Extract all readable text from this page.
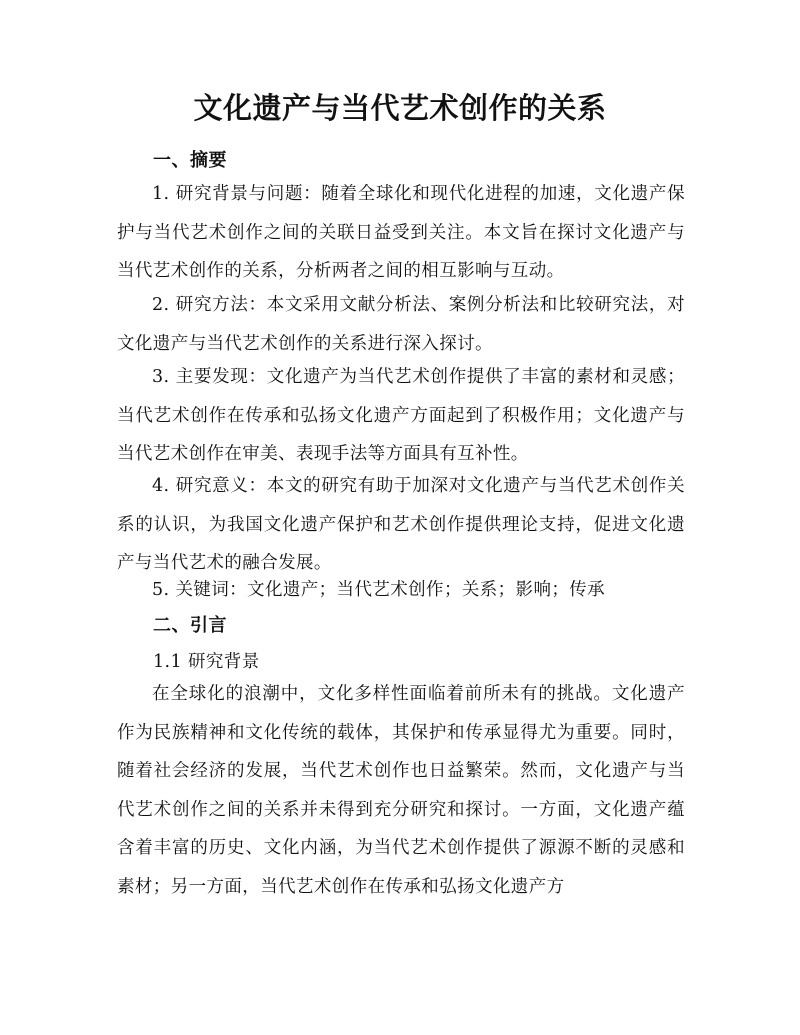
文化遗产与当代艺术创作的关系
一、摘要

1. 研究背景与问题：随着全球化和现代化进程的加速，文化遗产保护与当代艺术创作之间的关联日益受到关注。本文旨在探讨文化遗产与当代艺术创作的关系，分析两者之间的相互影响与互动。

2. 研究方法：本文采用文献分析法、案例分析法和比较研究法，对文化遗产与当代艺术创作的关系进行深入探讨。

3. 主要发现：文化遗产为当代艺术创作提供了丰富的素材和灵感；当代艺术创作在传承和弘扬文化遗产方面起到了积极作用；文化遗产与当代艺术创作在审美、表现手法等方面具有互补性。

4. 研究意义：本文的研究有助于加深对文化遗产与当代艺术创作关系的认识，为我国文化遗产保护和艺术创作提供理论支持，促进文化遗产与当代艺术的融合发展。

5. 关键词：文化遗产；当代艺术创作；关系；影响；传承

二、引言
1.1 研究背景

在全球化的浪潮中，文化多样性面临着前所未有的挑战。文化遗产作为民族精神和文化传统的载体，其保护和传承显得尤为重要。同时，随着社会经济的发展，当代艺术创作也日益繁荣。然而，文化遗产与当代艺术创作之间的关系并未得到充分研究和探讨。一方面，文化遗产蕴含着丰富的历史、文化内涵，为当代艺术创作提供了源源不断的灵感和素材；另一方面，当代艺术创作在传承和弘扬文化遗产方
